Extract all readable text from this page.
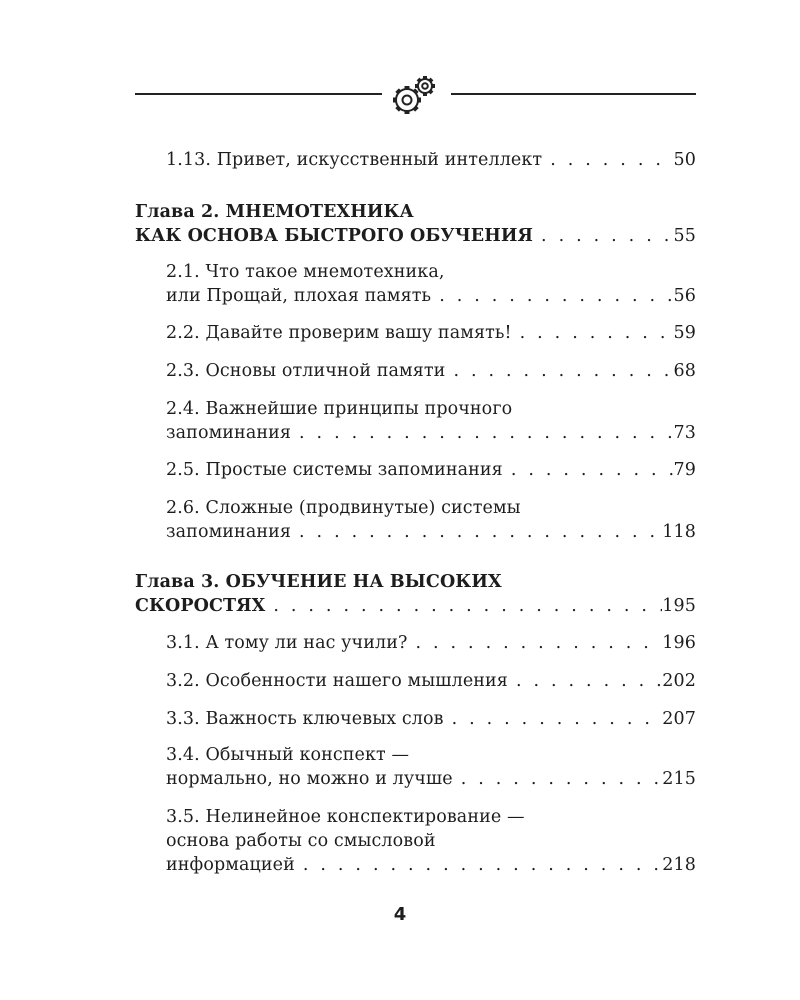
1.13. Привет, искусственный интеллект . . .	50
Глава 2. МНЕМОТЕХНИКА
КАК ОСНОВА БЫСТРОГО ОБУЧЕНИЯ . . .	55
2.1. Что такое мнемотехника,
или Прощай, плохая память . . .	56
2.2. Давайте проверим вашу память! . . .	59
2.3. Основы отличной памяти . . .	68
2.4. Важнейшие принципы прочного
запоминания . . .	73
2.5. Простые системы запоминания . . .	79
2.6. Сложные (продвинутые) системы
запоминания . . .	118
Глава 3. ОБУЧЕНИЕ НА ВЫСОКИХ
СКОРОСТЯХ . . .	195
3.1. А тому ли нас учили? . . .	196
3.2. Особенности нашего мышления . . .	202
3.3. Важность ключевых слов . . .	207
3.4. Обычный конспект —
нормально, но можно и лучше . . .	215
3.5. Нелинейное конспектирование —
основа работы со смысловой
информацией . . .	218
4
